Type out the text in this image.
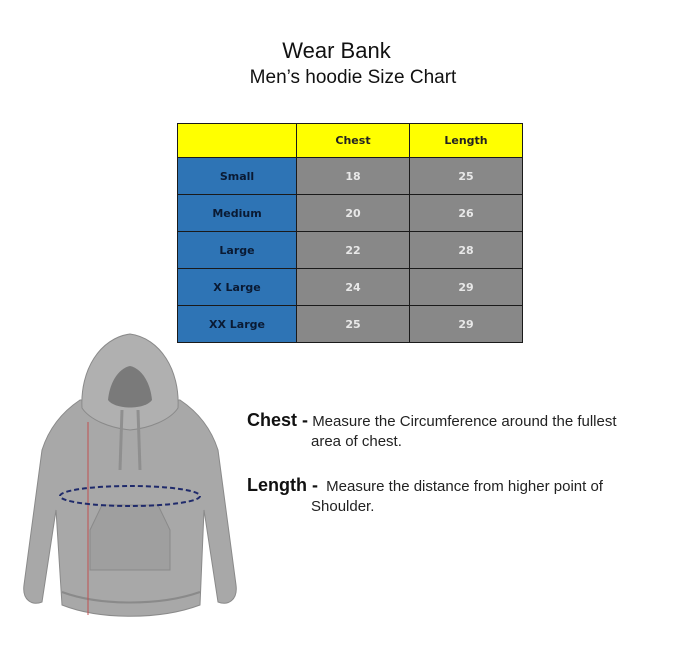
Wear Bank
Men’s hoodie Size Chart
	Chest	Length
Small	18	25
Medium	20	26
Large	22	28
X Large	24	29
XX Large	25	29
Chest - Measure the Circumference around the fullest
area of chest.
Length - Measure the distance from higher point of
Shoulder.
